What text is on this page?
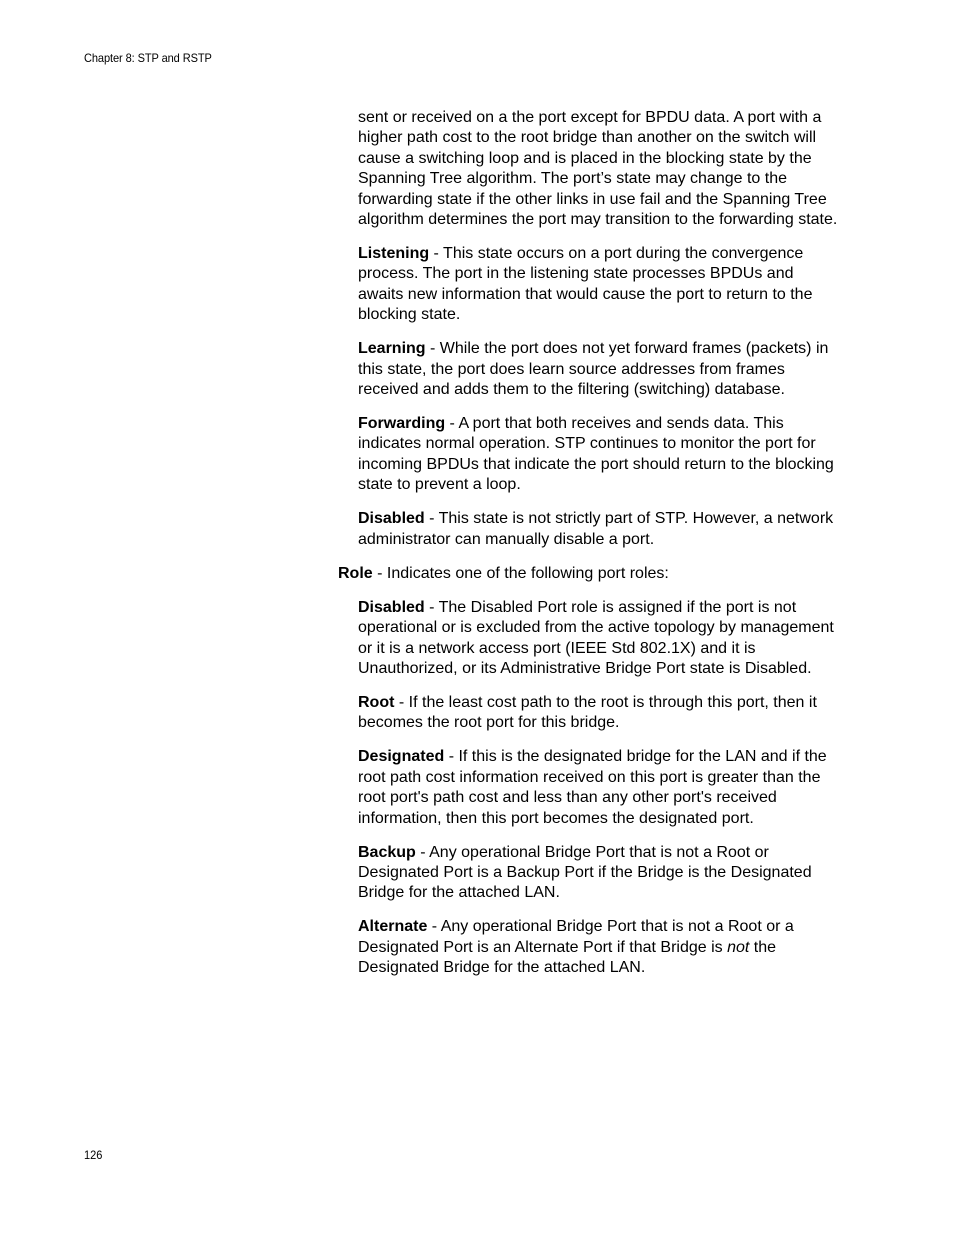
Chapter 8: STP and RSTP

sent or received on a the port except for BPDU data. A port with a higher path cost to the root bridge than another on the switch will cause a switching loop and is placed in the blocking state by the Spanning Tree algorithm. The port’s state may change to the forwarding state if the other links in use fail and the Spanning Tree algorithm determines the port may transition to the forwarding state.

Listening - This state occurs on a port during the convergence process. The port in the listening state processes BPDUs and awaits new information that would cause the port to return to the blocking state.

Learning - While the port does not yet forward frames (packets) in this state, the port does learn source addresses from frames received and adds them to the filtering (switching) database.

Forwarding - A port that both receives and sends data. This indicates normal operation. STP continues to monitor the port for incoming BPDUs that indicate the port should return to the blocking state to prevent a loop.

Disabled - This state is not strictly part of STP. However, a network administrator can manually disable a port.

Role - Indicates one of the following port roles:

Disabled - The Disabled Port role is assigned if the port is not operational or is excluded from the active topology by management or it is a network access port (IEEE Std 802.1X) and it is Unauthorized, or its Administrative Bridge Port state is Disabled.

Root - If the least cost path to the root is through this port, then it becomes the root port for this bridge.

Designated - If this is the designated bridge for the LAN and if the root path cost information received on this port is greater than the root port's path cost and less than any other port's received information, then this port becomes the designated port.

Backup - Any operational Bridge Port that is not a Root or Designated Port is a Backup Port if the Bridge is the Designated Bridge for the attached LAN.

Alternate - Any operational Bridge Port that is not a Root or a Designated Port is an Alternate Port if that Bridge is not the Designated Bridge for the attached LAN.

126
